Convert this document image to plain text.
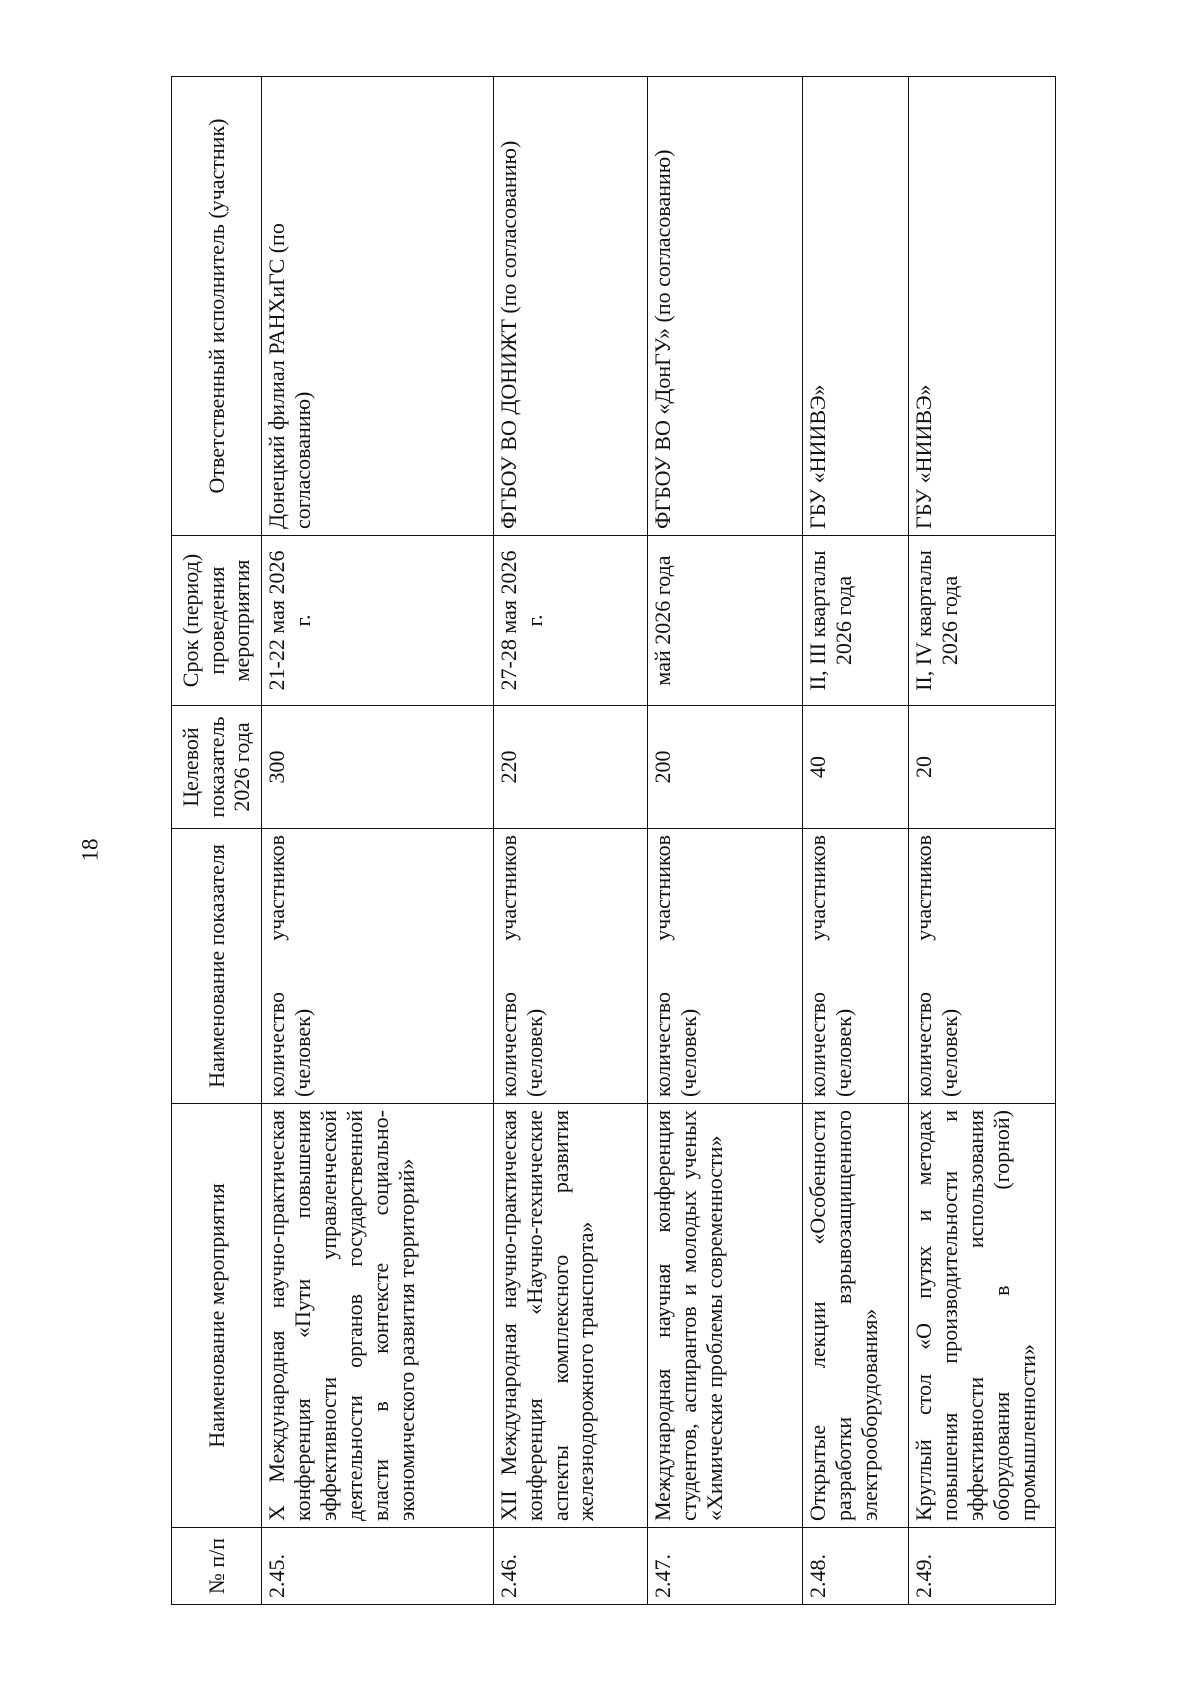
18
№ п/п	Наименование мероприятия	Наименование показателя	Целевой показатель 2026 года	Срок (период) проведения мероприятия	Ответственный исполнитель (участник)
2.45.	X Международная научно-практическая конференция «Пути повышения эффективности управленческой деятельности органов государственной власти в контексте социально-экономического развития территорий»	количество участников (человек)	300	21-22 мая 2026 г.	Донецкий филиал РАНХиГС (по согласованию)
2.46.	XII Международная научно-практическая конференция «Научно-технические аспекты комплексного развития железнодорожного транспорта»	количество участников (человек)	220	27-28 мая 2026 г.	ФГБОУ ВО ДОНИЖТ (по согласованию)
2.47.	Международная научная конференция студентов, аспирантов и молодых ученых «Химические проблемы современности»	количество участников (человек)	200	май 2026 года	ФГБОУ ВО «ДонГУ» (по согласованию)
2.48.	Открытые лекции «Особенности разработки взрывозащищенного электрооборудования»	количество участников (человек)	40	II, III кварталы 2026 года	ГБУ «НИИВЭ»
2.49.	Круглый стол «О путях и методах повышения производительности и эффективности использования оборудования в (горной) промышленности»	количество участников (человек)	20	II, IV кварталы 2026 года	ГБУ «НИИВЭ»
